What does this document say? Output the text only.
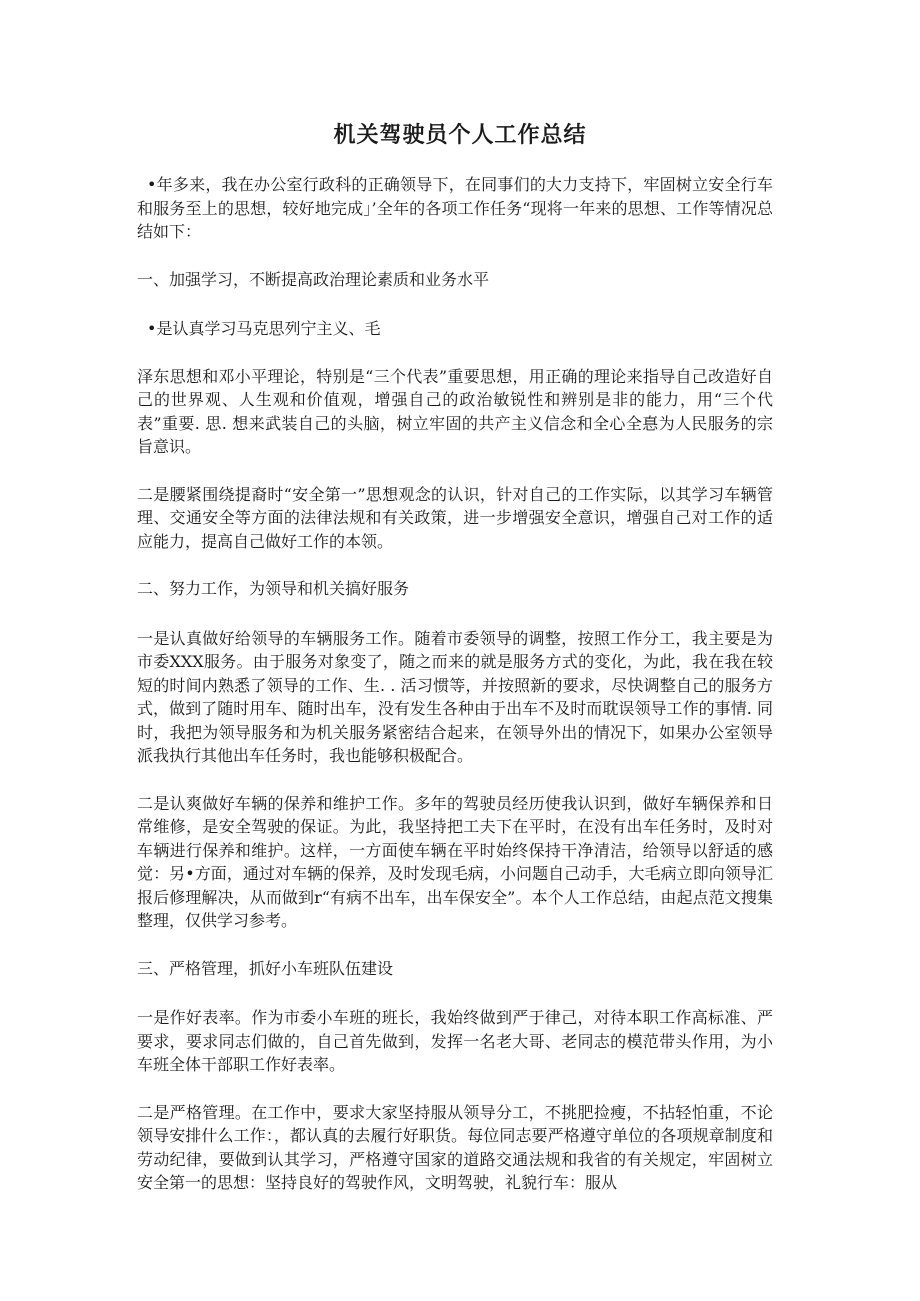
机关驾驶员个人工作总结

•年多来，我在办公室行政科的正确领导下，在同事们的大力支持下，牢固树立安全行车和服务至上的思想，较好地完成」’全年的各项工作任务“现将一年来的思想、工作等情况总结如下：

一、加强学习，不断提高政治理论素质和业务水平

•是认真学习马克思列宁主义、毛

泽东思想和邓小平理论，特别是“三个代表”重要思想，用正确的理论来指导自己改造好自己的世界观、人生观和价值观，增强自己的政治敏锐性和辨别是非的能力，用“三个代表”重要. 思. 想来武装自己的头脑，树立牢固的共产主义信念和全心全惪为人民服务的宗旨意识。

二是腰紧围绕提裔时“安全第一”思想观念的认识，针对自己的工作实际，以其学习车辆管理、交通安全等方面的法律法规和有关政策，进一步增强安全意识，增强自己对工作的适应能力，提高自己做好工作的本领。

二、努力工作，为领导和机关搞好服务

一是认真做好给领导的车辆服务工作。随着市委领导的调整，按照工作分工，我主要是为市委XXX服务。由于服务对象变了，随之而来的就是服务方式的变化，为此，我在我在较短的时间内熟悉了领导的工作、生. . 活习惯等，并按照新的要求，尽快调整自己的服务方式，做到了随时用车、随时出车，没有发生各种由于出车不及时而耽误领导工作的事情. 同时，我把为领导服务和为机关服务紧密结合起来，在领导外出的情况下，如果办公室领导派我执行其他出车任务时，我也能够积极配合。

二是认爽做好车辆的保养和维护工作。多年的驾驶员经历使我认识到，做好车辆保养和日常维修，是安全驾驶的保证。为此，我坚持把工夫下在平时，在没有出车任务时，及时对车辆进行保养和维护。这样，一方面使车辆在平时始终保持干净清洁，给领导以舒适的感觉：另•方面，通过对车辆的保养，及时发现毛病，小问题自己动手，大毛病立即向领导汇报后修理解决，从而做到r“有病不出车，出车保安全”。本个人工作总结，由起点范文搜集整理，仅供学习参考。

三、严格管理，抓好小车班队伍建设

一是作好表率。作为市委小车班的班长，我始终做到严于律己，对待本职工作高标准、严要求，要求同志们做的，自己首先做到，发挥一名老大哥、老同志的模范带头作用，为小车班全体干部职工作好表率。

二是严格管理。在工作中，要求大家坚持服从领导分工，不挑肥捡瘦，不拈轻怕重，不论领导安排什么工作：，都认真的去履行好职货。每位同志要严格遵守单位的各项规章制度和劳动纪律，要做到认其学习，严格遵守国家的道路交通法规和我省的有关规定，牢固树立安全第一的思想：坚持良好的驾驶作风，文明驾驶，礼貌行车：服从
